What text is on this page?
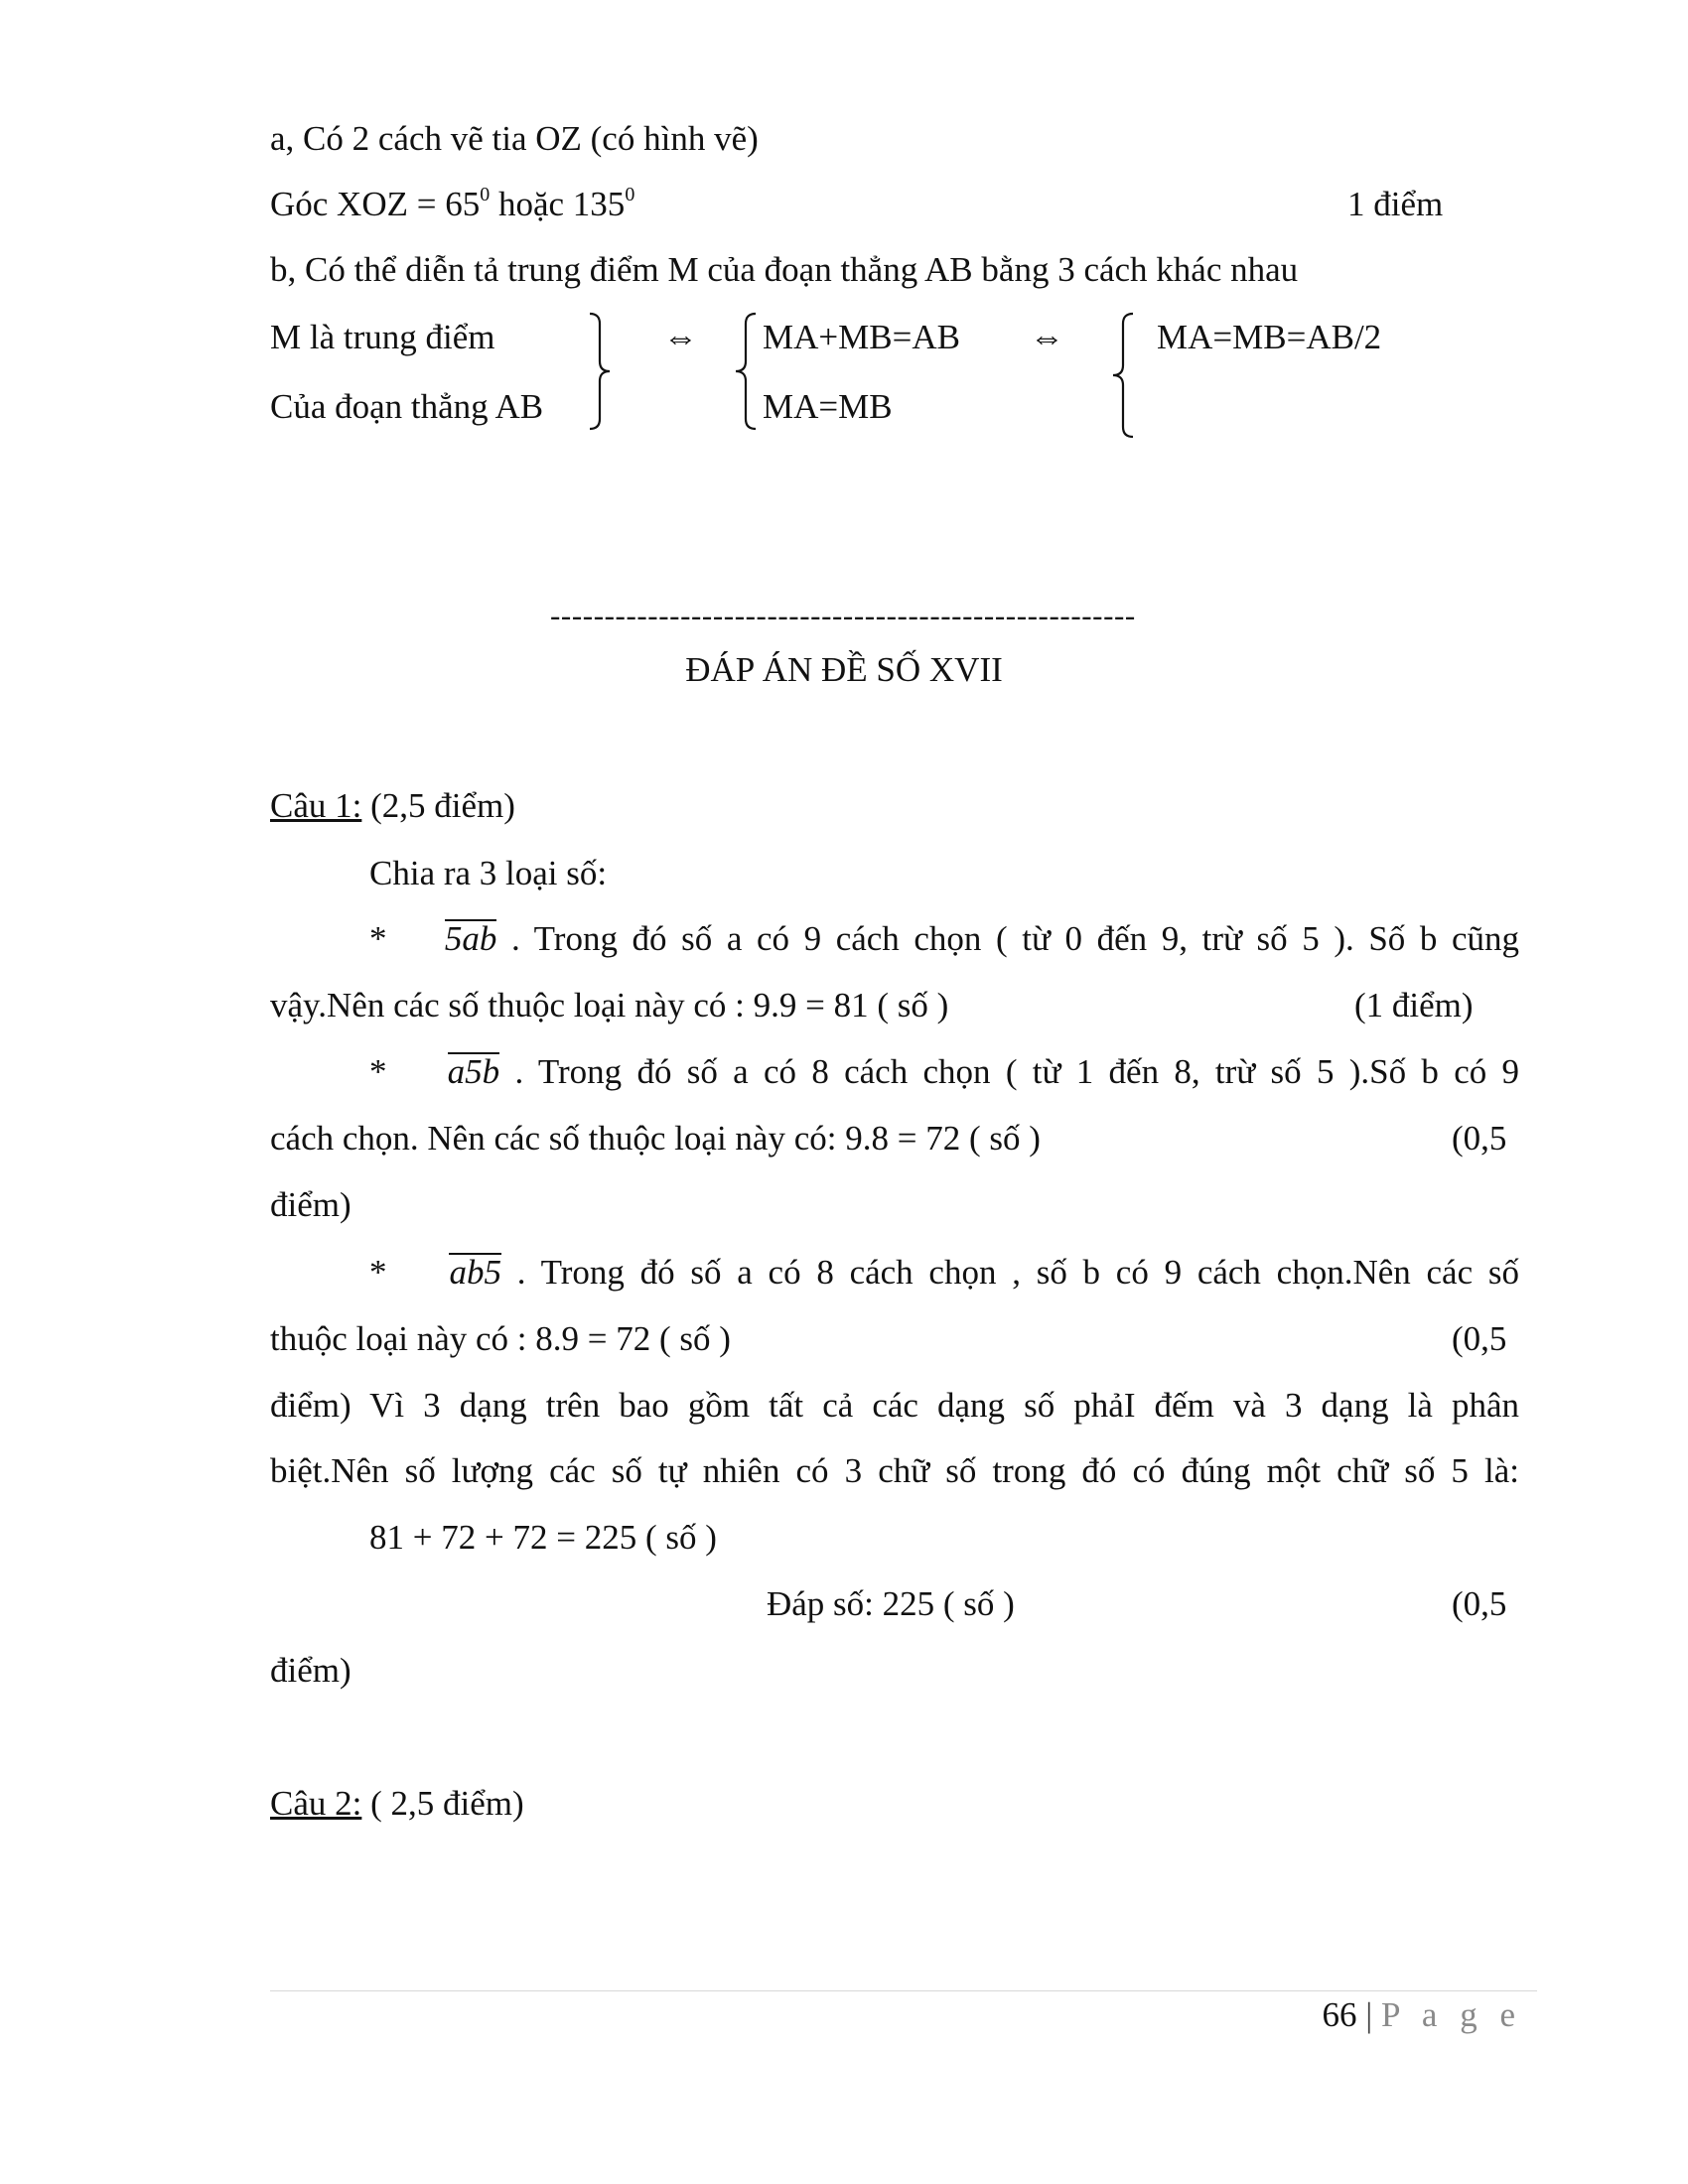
a, Có 2 cách vẽ tia OZ (có hình vẽ)
Góc XOZ = $65^0$ hoặc $135^0$	1 điểm
b, Có thể diễn tả trung điểm M của đoạn thẳng AB bằng 3 cách khác nhau
M là trung điểm
Của đoạn thẳng AB
⇔ MA+MB=AB
MA=MB
⇔	MA=MB=AB/2
------------------------------------------------------
ĐÁP ÁN ĐỀ SỐ XVII
Câu 1: (2,5 điểm)
Chia ra 3 loại số:
* 5ab . Trong đó số a có 9 cách chọn ( từ 0 đến 9, trừ số 5 ). Số b cũng
vậy.Nên các số thuộc loại này có : 9.9 = 81 ( số )	(1 điểm)
* a5b . Trong đó số a có 8 cách chọn ( từ 1 đến 8, trừ số 5 ).Số b có 9
cách chọn. Nên các số thuộc loại này có: 9.8 = 72 ( số )	(0,5
điểm)
* ab5 . Trong đó số a có 8 cách chọn , số b có 9 cách chọn.Nên các số
thuộc loại này có : 8.9 = 72 ( số )	(0,5
điểm) Vì 3 dạng trên bao gồm tất cả các dạng số phảI đếm và 3 dạng là phân
biệt.Nên số lượng các số tự nhiên có 3 chữ số trong đó có đúng một chữ số 5 là:
81 + 72 + 72 = 225 ( số )
Đáp số: 225 ( số )	(0,5
điểm)
Câu 2: ( 2,5 điểm)
66 | P a g e
